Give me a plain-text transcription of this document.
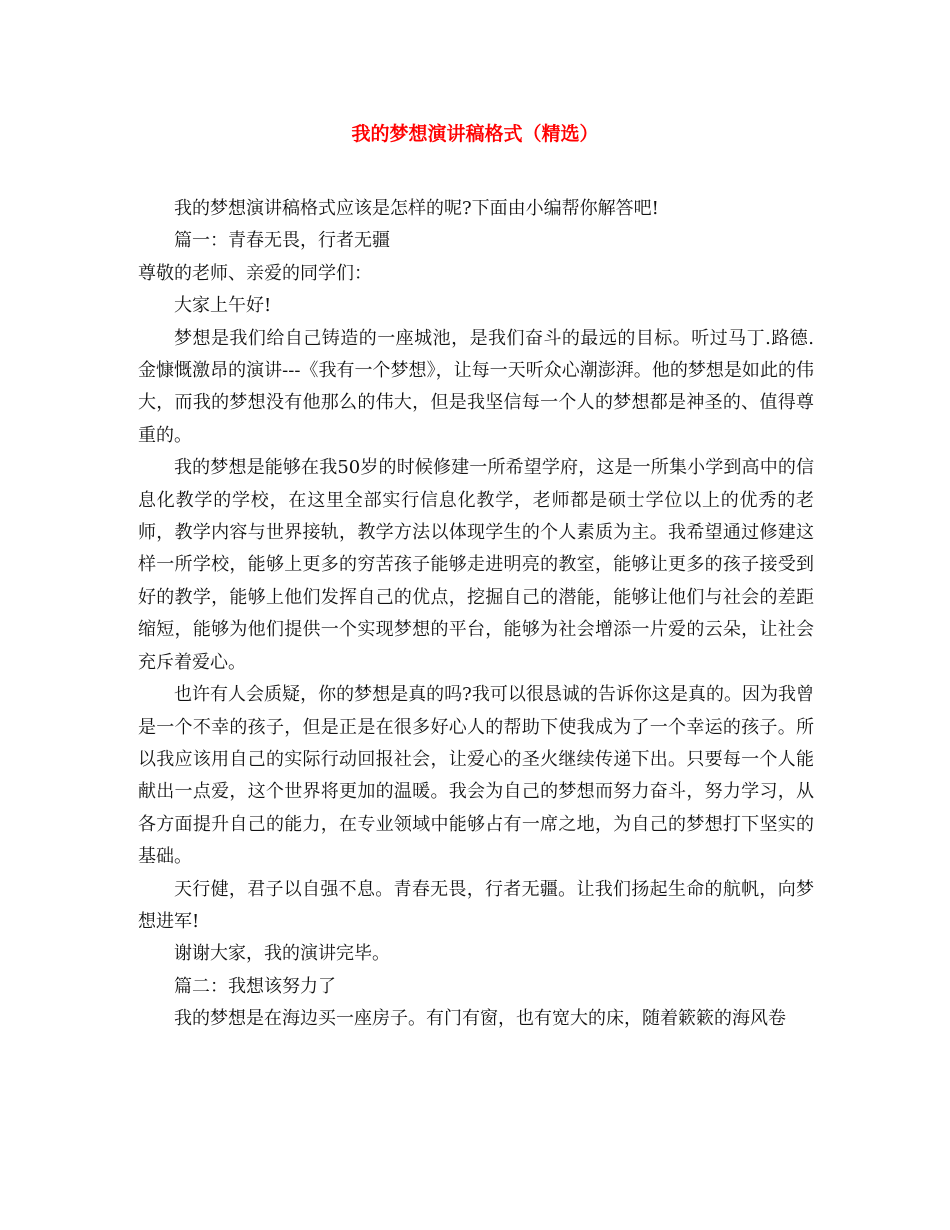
我的梦想演讲稿格式（精选）

我的梦想演讲稿格式应该是怎样的呢?下面由小编帮你解答吧!

篇一：青春无畏，行者无疆

尊敬的老师、亲爱的同学们：

大家上午好!

梦想是我们给自己铸造的一座城池，是我们奋斗的最远的目标。听过马丁.路德.金慷慨激昂的演讲---《我有一个梦想》，让每一天听众心潮澎湃。他的梦想是如此的伟大，而我的梦想没有他那么的伟大，但是我坚信每一个人的梦想都是神圣的、值得尊重的。

我的梦想是能够在我50岁的时候修建一所希望学府，这是一所集小学到高中的信息化教学的学校，在这里全部实行信息化教学，老师都是硕士学位以上的优秀的老师，教学内容与世界接轨，教学方法以体现学生的个人素质为主。我希望通过修建这样一所学校，能够上更多的穷苦孩子能够走进明亮的教室，能够让更多的孩子接受到好的教学，能够上他们发挥自己的优点，挖掘自己的潜能，能够让他们与社会的差距缩短，能够为他们提供一个实现梦想的平台，能够为社会增添一片爱的云朵，让社会充斥着爱心。

也许有人会质疑，你的梦想是真的吗?我可以很恳诚的告诉你这是真的。因为我曾是一个不幸的孩子，但是正是在很多好心人的帮助下使我成为了一个幸运的孩子。所以我应该用自己的实际行动回报社会，让爱心的圣火继续传递下出。只要每一个人能献出一点爱，这个世界将更加的温暖。我会为自己的梦想而努力奋斗，努力学习，从各方面提升自己的能力，在专业领域中能够占有一席之地，为自己的梦想打下坚实的基础。

天行健，君子以自强不息。青春无畏，行者无疆。让我们扬起生命的航帆，向梦想进军!

谢谢大家，我的演讲完毕。

篇二：我想该努力了

我的梦想是在海边买一座房子。有门有窗，也有宽大的床，随着簌簌的海风卷
